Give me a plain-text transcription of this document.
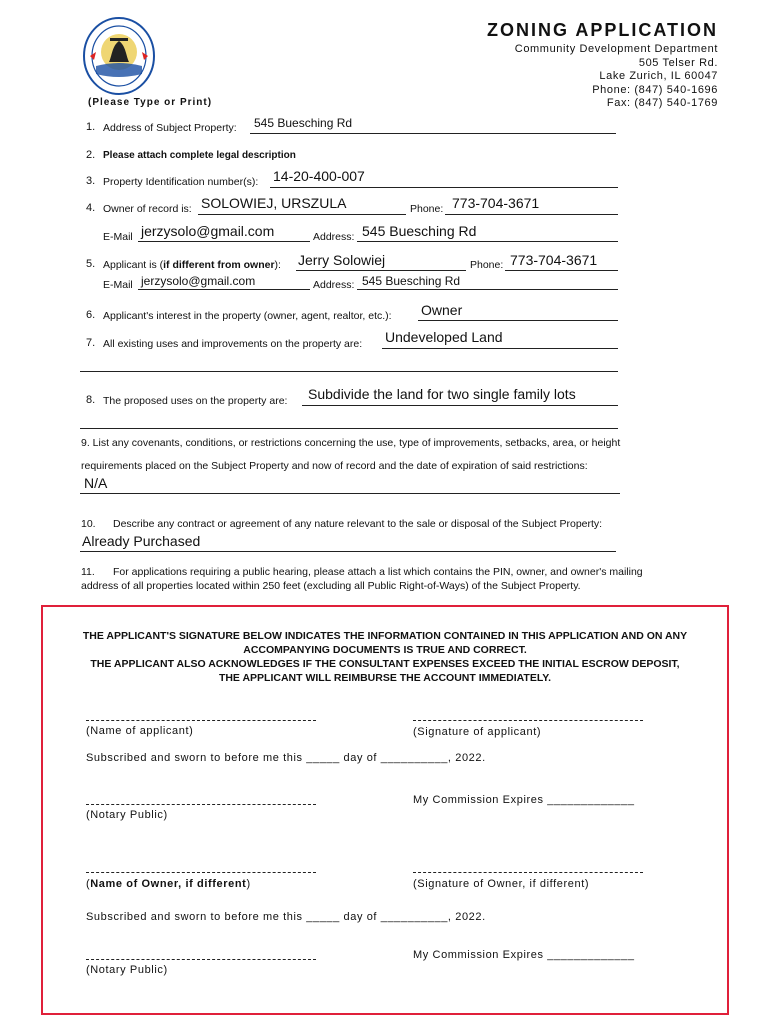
ZONING APPLICATION
Community Development Department
505 Telser Rd.
Lake Zurich, IL 60047
Phone: (847) 540-1696
Fax: (847) 540-1769
(Please Type or Print)
1. Address of Subject Property: 545 Buesching Rd
2. Please attach complete legal description
3. Property Identification number(s): 14-20-400-007
4. Owner of record is: SOLOWIEJ, URSZULA	Phone: 773-704-3671
E-Mail jerzysolo@gmail.com	Address: 545 Buesching Rd
5. Applicant is (if different from owner): Jerry Solowiej	Phone: 773-704-3671
E-Mail jerzysolo@gmail.com	Address: 545 Buesching Rd
6. Applicant's interest in the property (owner, agent, realtor, etc.): Owner
7. All existing uses and improvements on the property are: Undeveloped Land
8. The proposed uses on the property are: Subdivide the land for two single family lots
9. List any covenants, conditions, or restrictions concerning the use, type of improvements, setbacks, area, or height
requirements placed on the Subject Property and now of record and the date of expiration of said restrictions:
N/A
10. Describe any contract or agreement of any nature relevant to the sale or disposal of the Subject Property:
Already Purchased
11. For applications requiring a public hearing, please attach a list which contains the PIN, owner, and owner's mailing
address of all properties located within 250 feet (excluding all Public Right-of-Ways) of the Subject Property.
THE APPLICANT'S SIGNATURE BELOW INDICATES THE INFORMATION CONTAINED IN THIS APPLICATION AND ON ANY
ACCOMPANYING DOCUMENTS IS TRUE AND CORRECT.
THE APPLICANT ALSO ACKNOWLEDGES IF THE CONSULTANT EXPENSES EXCEED THE INITIAL ESCROW DEPOSIT,
THE APPLICANT WILL REIMBURSE THE ACCOUNT IMMEDIATELY.
(Name of applicant)	(Signature of applicant)
Subscribed and sworn to before me this _____ day of __________, 2022.
My Commission Expires _____________
(Notary Public)
(Name of Owner, if different)	(Signature of Owner, if different)
Subscribed and sworn to before me this _____ day of __________, 2022.
My Commission Expires _____________
(Notary Public)
